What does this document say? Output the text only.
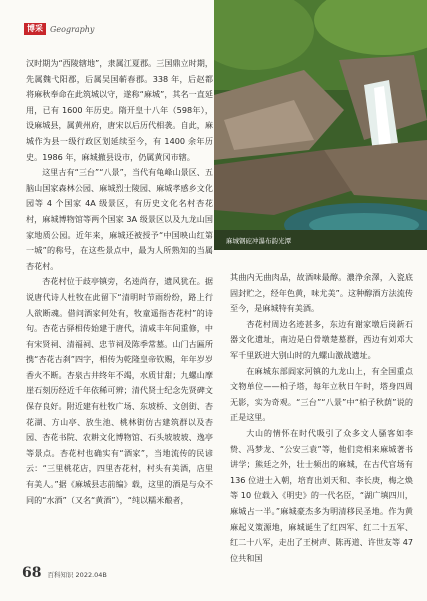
麻城钢砣冲瀑布韵光潭
博采 Geography

汉时期为“西陵辖地”，隶属江夏郡。三国鼎立时期，先属魏弋阳郡，后属吴国蕲春郡。338 年，后赵都将麻秋奉命在此筑城以守，遂称“麻城”，其名一直延用，已有 1600 年历史。隋开皇十八年（598年），设麻城县，属黄州府，唐宋以后历代相袭。自此，麻城作为县一级行政区划延续至今，有 1400 余年历史。1986 年，麻城撤县设市，仍属黄冈市辖。

这里古有“三台”“八景”，当代有龟峰山景区、五脑山国家森林公园、麻城烈士陵园、麻城孝感乡文化园等 4 个国家 4A 级景区，有历史文化名村杏花村，麻城博物馆等两个国家 3A 级景区以及九龙山国家地质公园。近年来，麻城还被授予“中国映山红第一城”的称号，在这些景点中，最为人所熟知的当属杏花村。

杏花村位于歧亭镇旁，名逵尚存，遗风犹在。据说唐代诗人杜牧在此留下“清明时节雨纷纷，路上行人欲断魂。借问酒家何处有，牧童遥指杏花村”的诗句。杏花古驿相传始建于唐代，清咸丰年间重修，中有宋贤祠、清福祠、忠节祠及陈季常墓。山门古匾所携“杏花古刹”四字，相传为乾隆皇帝钦赐，年年岁岁香火不断。杏泉古井终年不竭，水质甘甜；九螺山摩崖石刻历经近千年依稀可辨；清代贤士纪念先贤碑文保存良好。附近建有杜牧广场、东坡桥、文创街、杏花湖、方山亭、放生池、桃林街仿古建筑群以及杏园、杏花书院、农耕文化博物馆、石头坡坡坡、逸亭等景点。杏花村也确实有“酒家”，当地流传的民谚云：“三里桃花店，四里杏花村，村头有美酒，店里有美人。”据《麻城县志前编》载，这里的酒是与众不同的“水酒”（又名“黄酒”），“纯以糯米酿者，

其曲内无曲肉品，故酒味最醇。濃浄余澤，入瓷底固封贮之，经年色黄，味尤美”。这种醇酒方法流传至今，是麻城特有美酒。

杏花村周边名迹甚多，东边有谢家墩后岗新石器文化遗址，南边是白骨墩楚墓群，西边有刘邓大军千里跃进大别山时的九螺山激战遗址。

在麻城东部阎家河镇的九龙山上，有全国重点文物单位——柏子塔，每年立秋日午时，塔身四周无影，实为奇观。“三台”“八景”中“柏子秋荫”说的正是这里。

大山的情怀在时代吸引了众多文人骚客如李贽、冯梦龙、“公安三袁”等，他们竞相来麻城著书讲学；熊廷之外，壮士频出的麻城，在古代官场有 136 位进士入朝，培育出刘天和、李长庚，梅之焕等 10 位载入《明史》的一代名臣，“湖广填四川，麻城占一半。”麻城豪杰多为明清移民圣地。作为黄麻起义策源地，麻城诞生了红四军、红二十五军、红二十八军，走出了王树声、陈再道、许世友等 47 位共和国

68 百科知识 2022.04B
